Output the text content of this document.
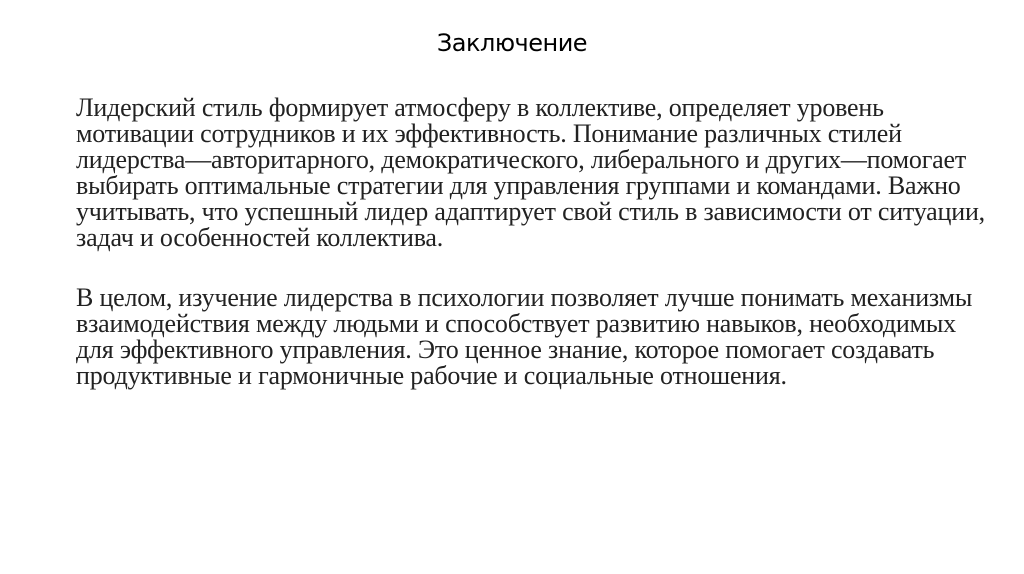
Заключение

Лидерский стиль формирует атмосферу в коллективе, определяет уровень мотивации сотрудников и их эффективность. Понимание различных стилей лидерства—авторитарного, демократического, либерального и других—помогает выбирать оптимальные стратегии для управления группами и командами. Важно учитывать, что успешный лидер адаптирует свой стиль в зависимости от ситуации, задач и особенностей коллектива.

В целом, изучение лидерства в психологии позволяет лучше понимать механизмы взаимодействия между людьми и способствует развитию навыков, необходимых для эффективного управления. Это ценное знание, которое помогает создавать продуктивные и гармоничные рабочие и социальные отношения.
